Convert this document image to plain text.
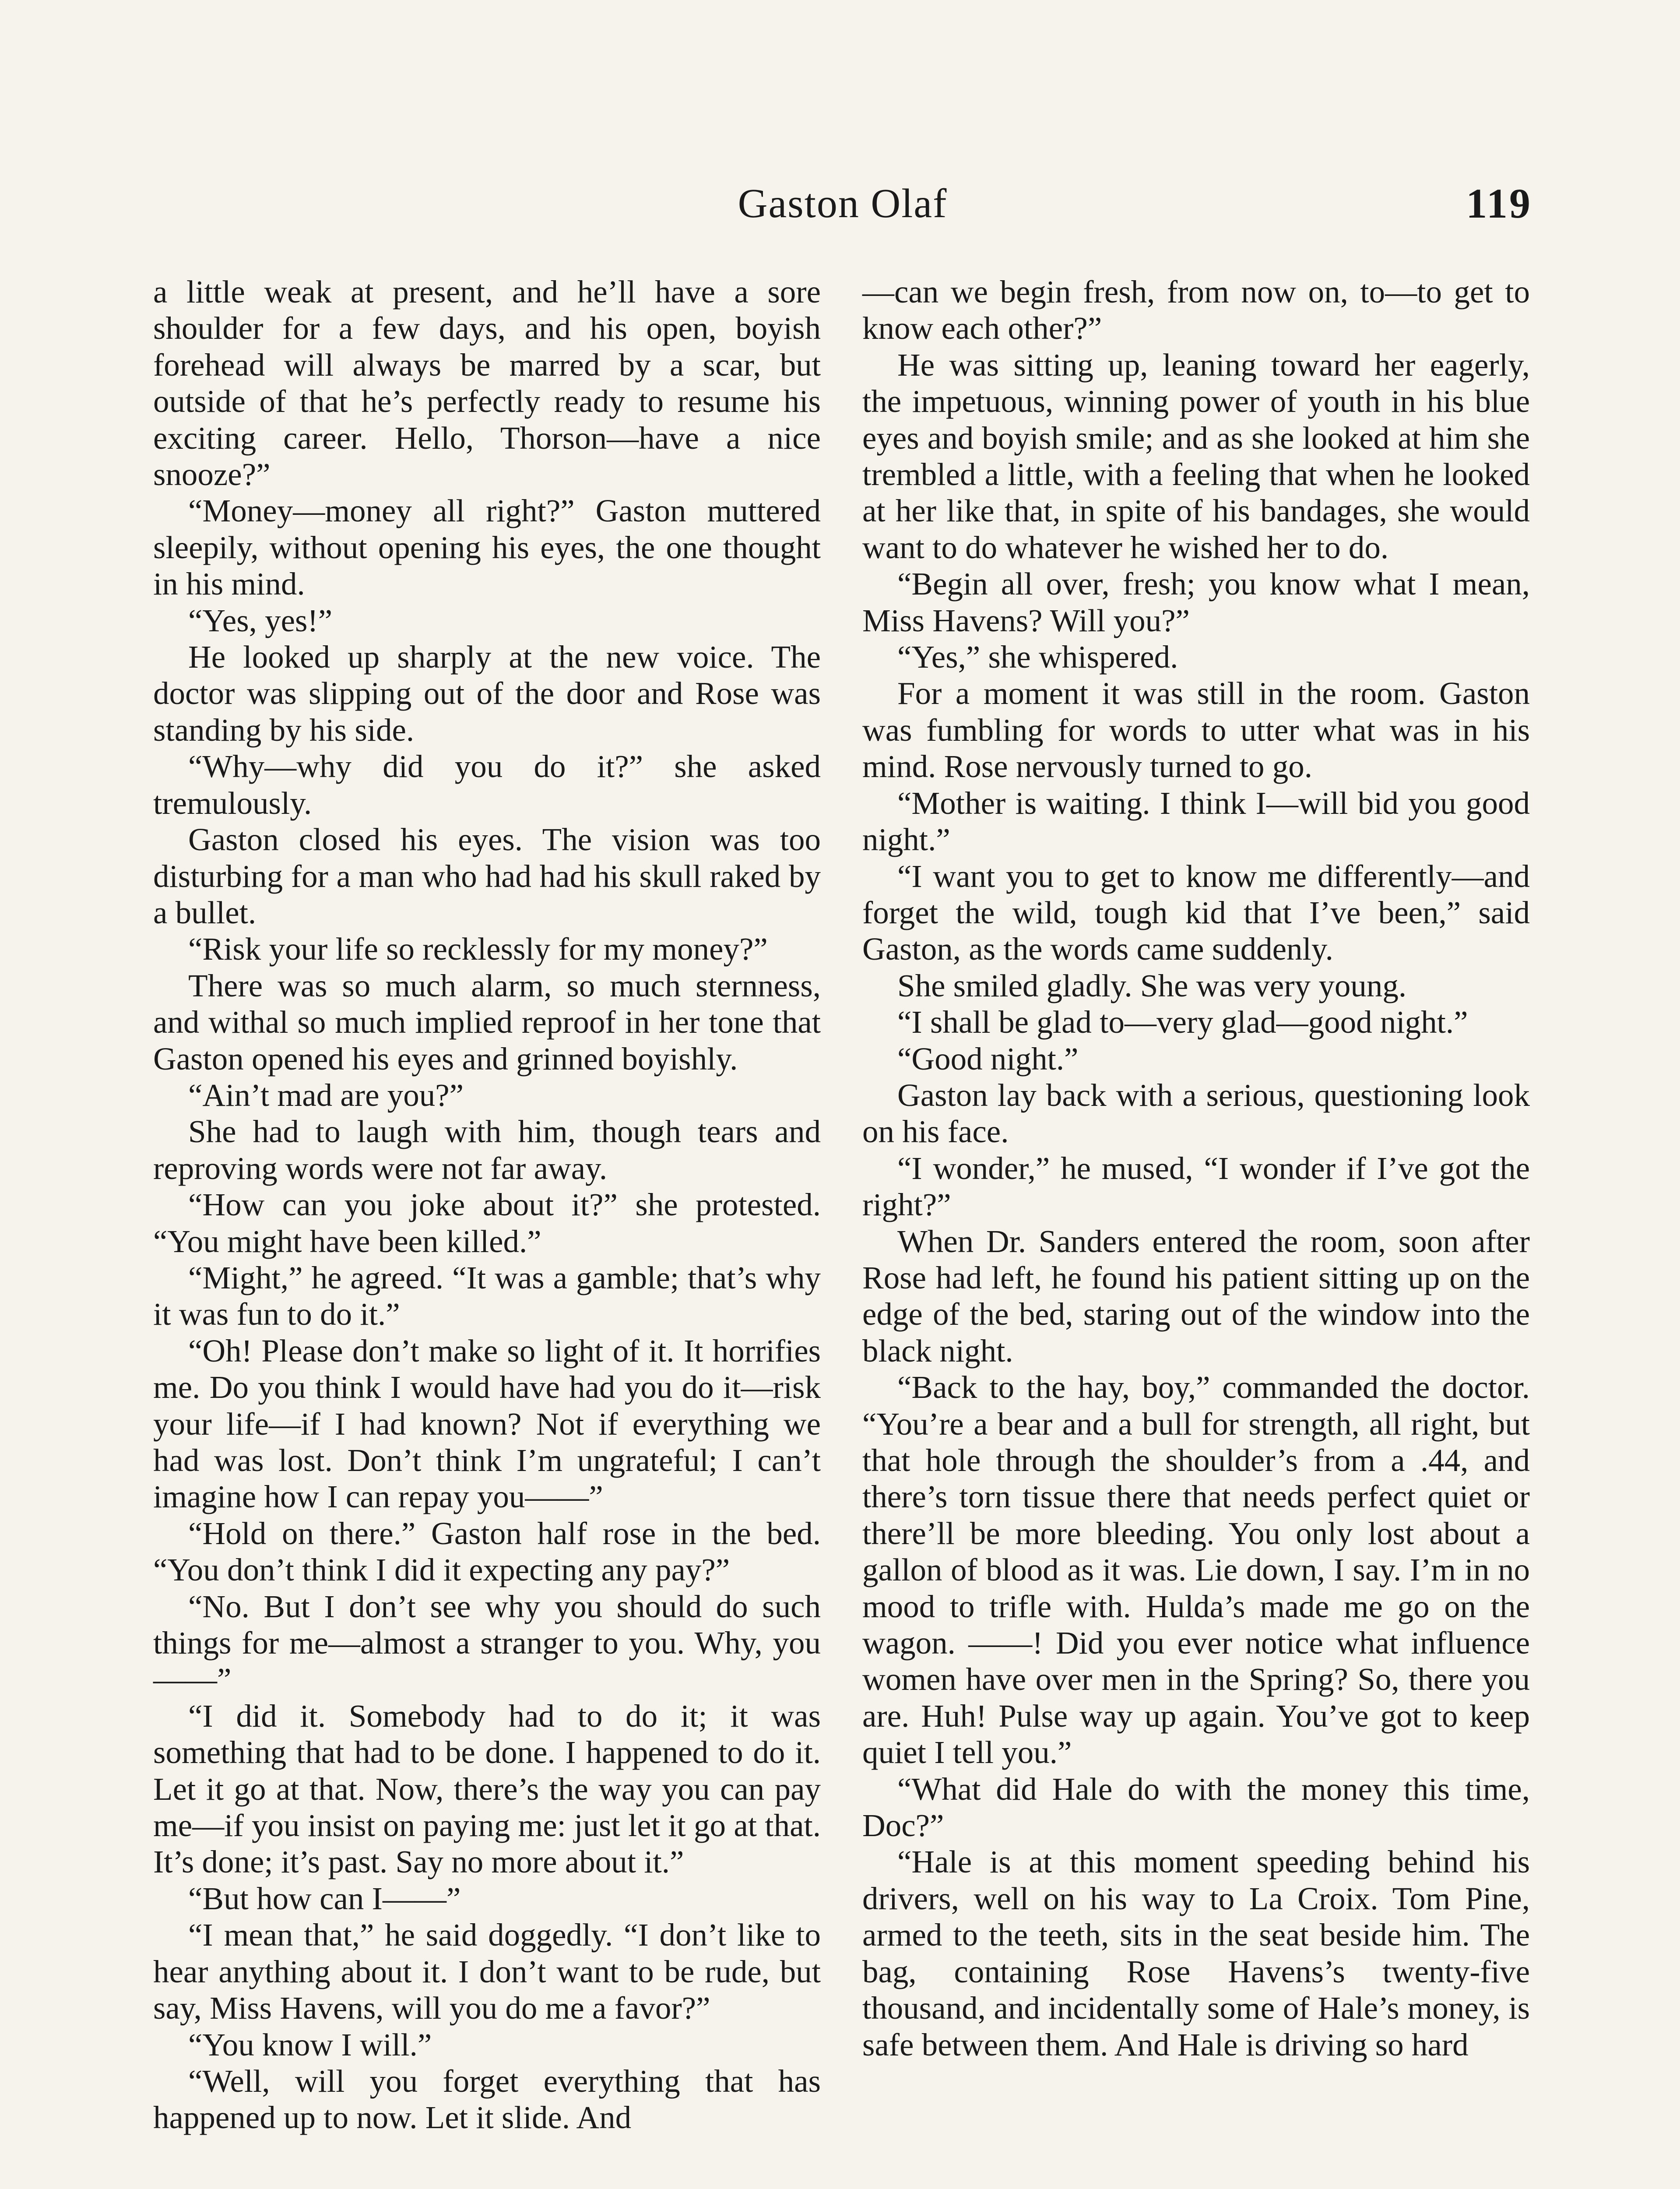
Gaston Olaf	119

a little weak at present, and he’ll have a sore shoulder for a few days, and his open, boyish forehead will always be marred by a scar, but outside of that he’s perfectly ready to resume his exciting career. Hello, Thorson—have a nice snooze?”

“Money—money all right?” Gaston muttered sleepily, without opening his eyes, the one thought in his mind.

“Yes, yes!”

He looked up sharply at the new voice. The doctor was slipping out of the door and Rose was standing by his side.

“Why—why did you do it?” she asked tremulously.

Gaston closed his eyes. The vision was too disturbing for a man who had had his skull raked by a bullet.

“Risk your life so recklessly for my money?”

There was so much alarm, so much sternness, and withal so much implied reproof in her tone that Gaston opened his eyes and grinned boyishly.

“Ain’t mad are you?”

She had to laugh with him, though tears and reproving words were not far away.

“How can you joke about it?” she protested. “You might have been killed.”

“Might,” he agreed. “It was a gamble; that’s why it was fun to do it.”

“Oh! Please don’t make so light of it. It horrifies me. Do you think I would have had you do it—risk your life—if I had known? Not if everything we had was lost. Don’t think I’m ungrateful; I can’t imagine how I can repay you——”

“Hold on there.” Gaston half rose in the bed. “You don’t think I did it expecting any pay?”

“No. But I don’t see why you should do such things for me—almost a stranger to you. Why, you——”

“I did it. Somebody had to do it; it was something that had to be done. I happened to do it. Let it go at that. Now, there’s the way you can pay me—if you insist on paying me: just let it go at that. It’s done; it’s past. Say no more about it.”

“But how can I——”

“I mean that,” he said doggedly. “I don’t like to hear anything about it. I don’t want to be rude, but say, Miss Havens, will you do me a favor?”

“You know I will.”

“Well, will you forget everything that has happened up to now. Let it slide. And

—can we begin fresh, from now on, to—to get to know each other?”

He was sitting up, leaning toward her eagerly, the impetuous, winning power of youth in his blue eyes and boyish smile; and as she looked at him she trembled a little, with a feeling that when he looked at her like that, in spite of his bandages, she would want to do whatever he wished her to do.

“Begin all over, fresh; you know what I mean, Miss Havens? Will you?”

“Yes,” she whispered.

For a moment it was still in the room. Gaston was fumbling for words to utter what was in his mind. Rose nervously turned to go.

“Mother is waiting. I think I—will bid you good night.”

“I want you to get to know me differently—and forget the wild, tough kid that I’ve been,” said Gaston, as the words came suddenly.

She smiled gladly. She was very young.

“I shall be glad to—very glad—good night.”

“Good night.”

Gaston lay back with a serious, questioning look on his face.

“I wonder,” he mused, “I wonder if I’ve got the right?”

When Dr. Sanders entered the room, soon after Rose had left, he found his patient sitting up on the edge of the bed, staring out of the window into the black night.

“Back to the hay, boy,” commanded the doctor. “You’re a bear and a bull for strength, all right, but that hole through the shoulder’s from a .44, and there’s torn tissue there that needs perfect quiet or there’ll be more bleeding. You only lost about a gallon of blood as it was. Lie down, I say. I’m in no mood to trifle with. Hulda’s made me go on the wagon. ——! Did you ever notice what influence women have over men in the Spring? So, there you are. Huh! Pulse way up again. You’ve got to keep quiet I tell you.”

“What did Hale do with the money this time, Doc?”

“Hale is at this moment speeding behind his drivers, well on his way to La Croix. Tom Pine, armed to the teeth, sits in the seat beside him. The bag, containing Rose Havens’s twenty-five thousand, and incidentally some of Hale’s money, is safe between them. And Hale is driving so hard
